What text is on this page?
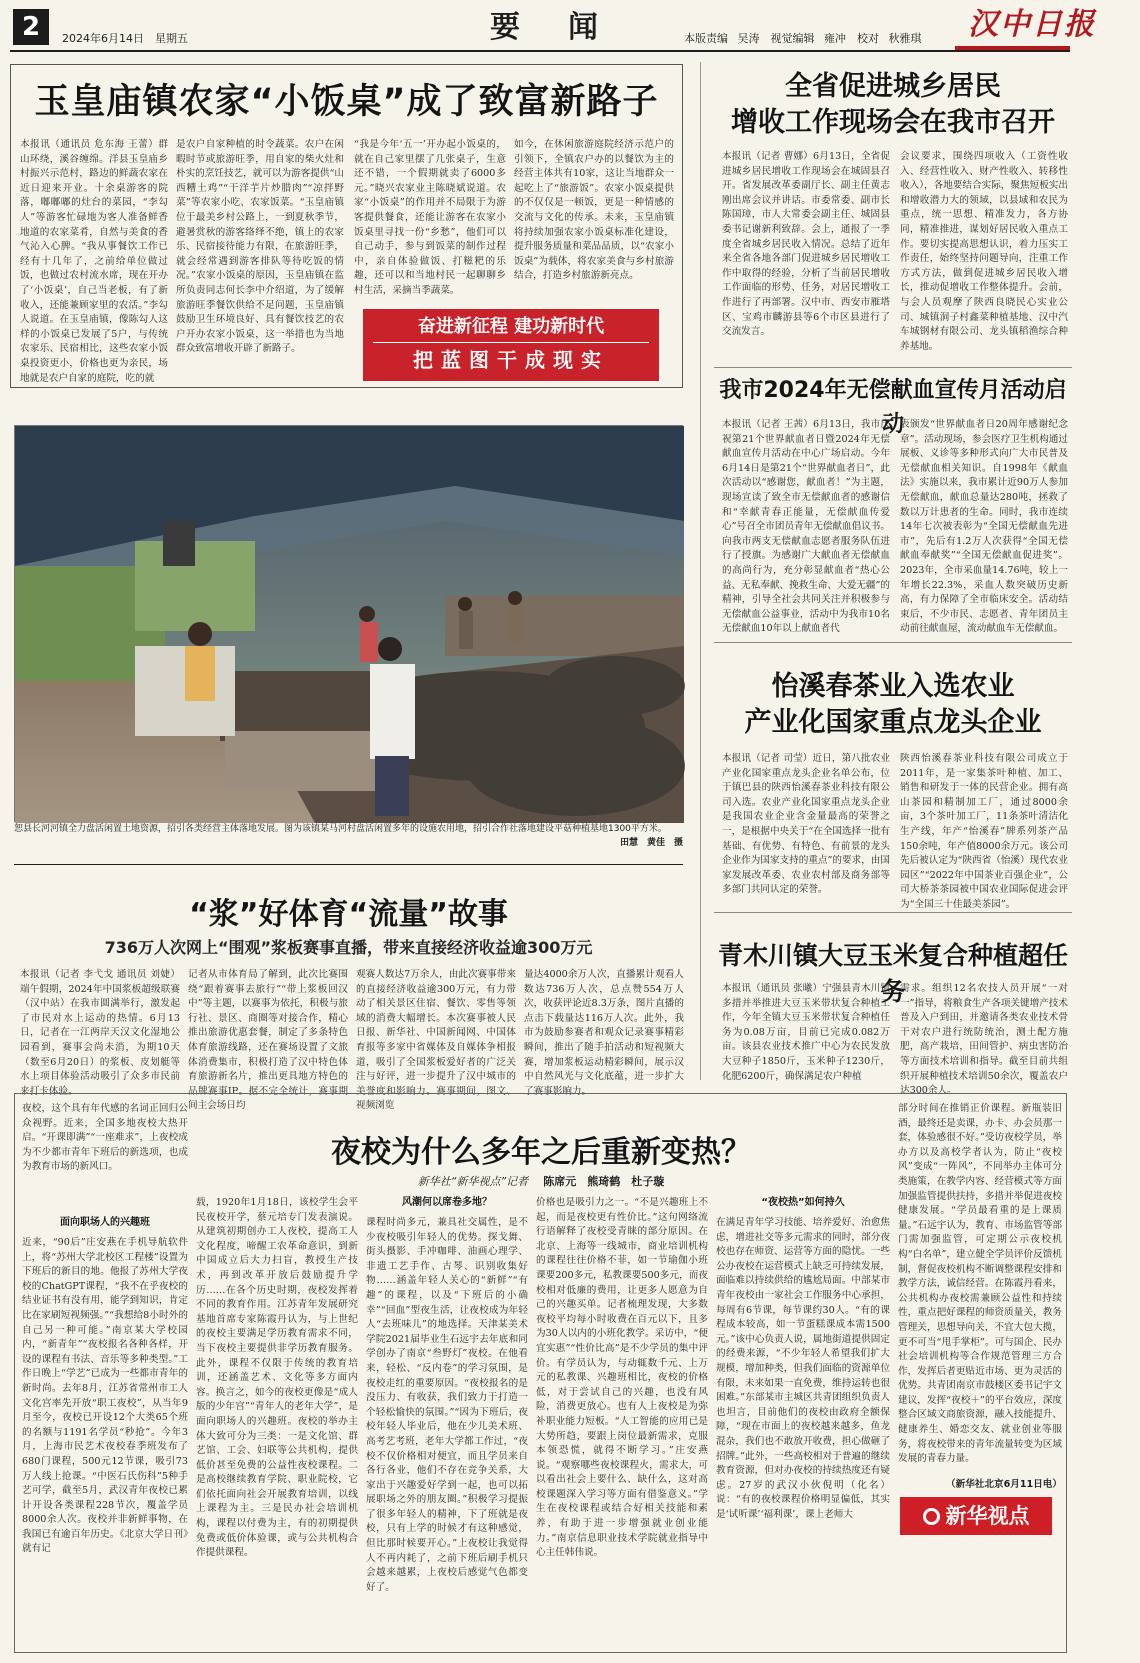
2	2024年6月14日　星期五	要闻	本版责编 吴涛　视觉编辑 雍冲　校对 秋雅琪 汉中日报
玉皇庙镇农家“小饭桌”成了致富新路子
本报讯（通讯员 危东海 王蕾）群山环绕，溪谷缠绵。洋县玉皇庙乡村振兴示范村，路边的鲜蔬农家在近日迎来开业。十余桌游客的院落，嘟嘟嘟的灶台的菜园，“李勾人”等游客忙碌地为客人准备鲜香地道的农家菜肴，自然与美食的香气沁入心脾。“我从事餐饮工作已经有十几年了，之前给单位做过饭，也做过农村流水席，现在开办了‘小饭桌’，自己当老板，有了新收入，还能兼顾家里的农活。”李勾人说道。在玉皇庙镇，像陈勾人这样的小饭桌已发展了5户，与传统农家乐、民宿相比，这些农家小饭桌投资更小，价格也更为亲民，场地就是农户自家的庭院，吃的就
是农户自家种植的时令蔬菜。农户在闲暇时节或旅游旺季，用自家的柴火灶和朴实的烹饪技艺，就可以为游客提供“山西糟土鸡”“干洋芋片炒腊肉”“凉拌野菜”等农家小吃、农家饭菜。“玉皇庙镇位于最美乡村公路上，一到夏秋季节，避暑赏秋的游客络绎不绝，镇上的农家乐、民宿接待能力有限，在旅游旺季，就会经常遇到游客排队等待吃饭的情况。”农家小饭桌的原因，玉皇庙镇在监所负责同志何长李中介绍道，为了缓解旅游旺季餐饮供给不足问题，玉皇庙镇鼓励卫生环境良好、具有餐饮技艺的农户开办农家小饭桌，这一举措也为当地群众致富增收开辟了新路子。
“我是今年‘五一’开办起小饭桌的，就在自己家里摆了几张桌子，生意还不错，一个假期就卖了6000多元。”晓兴农家业主陈晓斌说道。农家“小饭桌”的作用并不局限于为游客提供餐食，还能让游客在农家小饭桌里寻找一份“乡愁”，他们可以自己动手，参与到饭菜的制作过程中，亲自体验做饭、打糍粑的乐趣，还可以和当地村民一起聊聊乡村生活，采摘当季蔬菜。
如今，在休闲旅游庭院经济示范户的引领下，全镇农户办的以餐饮为主的经营主体共有10家，这让当地群众一起吃上了“旅游饭”。农家小饭桌提供的不仅仅是一顿饭，更是一种情感的交流与文化的传承。未来，玉皇庙镇将持续加强农家小饭桌标准化建设，提升服务质量和菜品品质，以“农家小饭桌”为载体，将农家美食与乡村旅游结合，打造乡村旅游新亮点。
奋进新征程 建功新时代
把蓝图干成现实
恕县长河河镇全力盘活闲置土地资源，招引各类经营主体落地发展。图为该镇某马河村盘活闲置多年的设施农用地，招引合作社落地建设平菇种植基地1300平方米。
田慧　黄佳　摄
“浆”好体育“流量”故事
736万人次网上“围观”浆板赛事直播，带来直接经济收益逾300万元
本报讯（记者 李弋戈 通讯员 刘婕）端午假期，2024年中国浆板超级联赛（汉中站）在我市圆满举行，激发起了市民对水上运动的热情。6月13日，记者在一江两岸天汉文化湿地公园看到，赛事会尚未消，为期10天（数至6月20日）的浆板、皮划艇等水上项目体验活动吸引了众多市民前来打卡体验。
记者从市体育局了解到，此次比赛围绕“跟着赛事去旅行”“带上浆板回汉中”等主题，以赛事为依托，积极与旅行社、景区、商圈等对接合作，精心推出旅游优惠套餐，制定了多条特色体育旅游线路，还在赛场设置了文旅体消费集市，积极打造了汉中特色体育旅游新名片，推出更具地方特色的品牌赛事IP。据不完全统计，赛事期间主会场日均
观赛人数达7万余人，由此次赛事带来的直接经济收益逾300万元，有力带动了相关景区住宿、餐饮、零售等领域的消费大幅增长。本次赛事被人民日报、新华社、中国新闻网、中国体育报等多家中省媒体及自媒体争相报道，吸引了全国浆板爱好者的广泛关注与好评，进一步提升了汉中城市的美誉度和影响力。赛事期间，图文、视频浏览
量达4000余万人次，直播累计观看人数达736万人次，总点赞554万人次，收获评论近8.3万条，图片直播的点击下载量达116万人次。此外，我市为鼓励参赛者和观众记录赛事精彩瞬间，推出了随手拍活动和短视频大赛，增加浆板运动精彩瞬间，展示汉中自然风光与文化底蕴，进一步扩大了赛事影响力。
全省促进城乡居民
增收工作现场会在我市召开
本报讯（记者 曹娜）6月13日，全省促进城乡居民增收工作现场会在城固县召开。省发展改革委副厅长、副主任黄志刚出席会议并讲话。市委常委、副市长陈国璋，市人大常委会副主任、城固县委书记谢新利致辞。会上，通报了一季度全省城乡居民收入情况。总结了近年来全省各地各部门促进城乡居民增收工作中取得的经验，分析了当前居民增收工作面临的形势、任务，对居民增收工作进行了再部署。汉中市、西安市雁塔区、宝鸡市麟游县等6个市区县进行了交流发言。
会议要求，围绕四项收入（工资性收入、经营性收入、财产性收入、转移性收入），各地要结合实际，聚焦短板实出和增收潜力大的领域，以县域和农民为重点，统一思想、精准发力，各方协同，精准推进，谋划好居民收入重点工作。要切实提高思想认识，着力压实工作责任，始终坚持问题导向，注重工作方式方法，做到促进城乡居民收入增长，推动促增收工作整体提升。会前，与会人员观摩了陕西良晓民心实业公司、城镇洞子村鑫菜种植基地、汉中汽车城钢材有限公司、龙头镇稻渔综合种养基地。
我市2024年无偿献血宣传月活动启动
本报讯（记者 王茜）6月13日，我市庆祝第21个世界献血者日暨2024年无偿献血宣传月活动在中心广场启动。今年6月14日是第21个“世界献血者日”，此次活动以“感谢您，献血者！”为主题，现场宣读了致全市无偿献血者的感谢信和“幸献青春正能量，无偿献血传爱心”号召全市团员青年无偿献血倡议书。向我市两支无偿献血志愿者服务队伍进行了授旗。为感谢广大献血者无偿献血的高尚行为，充分彰显献血者“热心公益、无私奉献、挽救生命、大爱无疆”的精神，引导全社会共同关注并积极参与无偿献血公益事业，活动中为我市10名无偿献血10年以上献血者代
表颁发“世界献血者日20周年感谢纪念章”。活动现场，参会医疗卫生机构通过展板、义诊等多种形式向广大市民普及无偿献血相关知识。自1998年《献血法》实施以来，我市累计近90万人参加无偿献血，献血总量达280吨，拯救了数以万计患者的生命。同时，我市连续14年七次被表彰为“全国无偿献血先进市”，先后有1.2万人次获得“全国无偿献血奉献奖”“全国无偿献血促进奖”。2023年，全市采血量14.76吨，较上一年增长22.3%，采血人数突破历史新高，有力保障了全市临床安全。活动结束后，不少市民、志愿者、青年团员主动前往献血屋，流动献血车无偿献血。
怡溪春茶业入选农业
产业化国家重点龙头企业
本报讯（记者 司莹）近日，第八批农业产业化国家重点龙头企业名单公布，位于镇巴县的陕西怡溪春茶业科技有限公司入选。农业产业化国家重点龙头企业是我国农业企业含金量最高的荣誉之一，是根据中央关于“在全国选择一批有基础、有优势、有特色、有前景的龙头企业作为国家支持的重点”的要求，由国家发展改革委、农业农村部及商务部等多部门共同认定的荣誉。
陕西怡溪春茶业科技有限公司成立于2011年，是一家集茶叶种植、加工、销售和研发于一体的民营企业。拥有高山茶园和精制加工厂，通过8000余亩，3个茶叶加工厂，11条茶叶清洁化生产线，年产“怡溪春”牌系列茶产品150余吨，年产值8000余万元。该公司先后被认定为“陕西省（怡溪）现代农业园区”“2022年中国茶业百强企业”，公司大桥茶茶园被中国农业国际促进会评为“全国三十佳最美茶园”。
青木川镇大豆玉米复合种植超任务
本报讯（通讯员 张曦）宁强县青木川镇多措并举推进大豆玉米带状复合种植工作，今年全镇大豆玉米带状复合种植任务为0.08万亩，目前已完成0.082万亩。该县农业技术推广中心为农民发放大豆种子1850斤，玉米种子1230斤，化肥6200斤，确保满足农户种植
需求。组织12名农技人员开展“一对一”指导，将粮食生产各项关键增产技术普及入户到田，并邀请各类农业技术骨干对农户进行统防统治，测土配方施肥，高产栽培，田间管护、病虫害防治等方面技术培训和指导。截至目前共组织开展种植技术培训50余次，覆盖农户达300余人。
夜校为什么多年之后重新变热？
新华社“新华视点”记者 陈席元　熊琦鹤　杜子璇
夜校，这个具有年代感的名词正回归公众视野。近来，全国多地夜校大热开启。“开课即满”“一座难求”，上夜校成为不少都市青年下班后的新选项，也成为教育市场的新风口。
面向职场人的兴趣班
近来，“90后”庄安燕在手机导航软件上，将“苏州大学北校区工程楼”设置为下班后的新目的地。他报了苏州大学夜校的ChatGPT课程，“我不在乎夜校的结业证书有没有用，能学到知识，肯定比在家刷短视频强。”“我想给8小时外的自己另一种可能。”南京某大学校园内，“新青年”“夜校报名各种各样，开设的课程有书法、音乐等多种类型。”工作日晚上“学艺”已成为一些都市青年的新时尚。去年8月，江苏省常州市工人文化宫率先开放“职工夜校”，从当年9月至今，夜校已开设12个大类65个班的名额与1191名学员“秒抢”。今年3月，上海市民艺术夜校春季班发布了680门课程，500元12节课，吸引73万人线上抢课。“中医石氏伤科”5种手艺可学，截至5月，武汉青年夜校已累计开设各类课程228节次，覆盖学员8000余人次。夜校并非新鲜事物，在我国已有逾百年历史。《北京大学日刊》就有记
载，1920年1月18日，该校学生会平民夜校开学，蔡元培专门发表演说。从建筑初期创办工人夜校，提高工人文化程度，啼醒工农革命意识，到新中国成立后大力扫盲，教授生产技术，再到改革开放后鼓励提升学历……在各个历史时期，夜校发挥着不同的教育作用。江苏青年发展研究基地首席专家陈霞丹认为，与上世纪的夜校主要满足学历教育需求不同，当下夜校主要提供非学历教育服务。此外，课程不仅限于传统的教育培训，还涵盖艺术、文化等多方面内容。换言之，如今的夜校更像是“成人版的少年宫”“青年人的老年大学”，是面向职场人的兴趣班。夜校的举办主体大致可分为三类：一是文化馆、群艺馆、工会、妇联等公共机构，提供低价甚至免费的公益性夜校课程。二是高校继续教育学院、职业院校，它们依托面向社会开展教育培训，以线上课程为主。三是民办社会培训机构，课程以付费为主，有的初期提供免费或低价体验课，或与公共机构合作提供课程。
风潮何以席卷多地？
课程时尚多元，兼具社交属性，是不少夜校吸引年轻人的优势。探戈舞、街头摄影、手冲咖啡、油画心理学、非遗工艺手作、古琴、识别收集好物……涵盖年轻人关心的“新鲜”“有趣”的课程，以及“下班后的小确幸”“回血”型夜生活，让夜校成为年轻人“去班味儿”的地选择。天津某美术学院2021届毕业生石远宇去年底和同学创办了南京“叁野灯”夜校。在他看来，轻松、“反内卷”的学习氛围，是夜校走红的重要原因。“夜校报名的是没压力、有收获，我们致力于打造一个轻松愉快的氛围。”“因为下班后，夜校年轻人毕业后，他在少儿美术班、高考艺考班，老年大学都工作过，“夜校不仅价格相对便宜，而且学员来自各行各业，他们不存在竞争关系，大家出于兴趣爱好学到一起，也可以拓展职场之外的朋友圈。”积极学习提振了很多年轻人的精神，下了班就是夜校，只有上学的时候才有这种感觉，但比那时候要开心。”上夜校让我觉得人不再内耗了，之前下班后刷手机只会越来越累，上夜校后感觉气色都变好了。
价格也是吸引力之一。“不是兴趣班上不起，而是夜校更有性价比。”这句网络流行语解释了夜校受青睐的部分原因。在北京、上海等一线城市，商业培训机构的课程往往价格不菲，如一节瑜伽小班课要200多元，私教课要500多元，而夜校相对低廉的费用，让更多人愿意为自己的兴趣买单。记者梳理发现，大多数夜校平均每小时收费在百元以下，且多为30人以内的小班化教学。采访中，“便宜实惠”“性价比高”是不少学员的集中评价。有学员认为，与动辄数千元、上万元的私教课、兴趣班相比，夜校的价格低，对于尝试自己的兴趣，也没有风险，消费更放心。也有人上夜校是为弥补职业能力短板。“人工智能的应用已是大势所趋，要跟上岗位最新需求，克服本领恐慌，就得不断学习。”庄安燕说。“观察哪些夜校课程火，需求大，可以看出社会上要什么、缺什么，这对高校课题深入学习等方面有借鉴意义。”学生在夜校课程或结合好相关技能和素养，有助于进一步增强就业创业能力。”南京信息职业技术学院就业指导中心主任韩伟说。
“夜校热”如何持久
在满足青年学习技能、培养爱好、治愈焦虑，增进社交等多元需求的同时，部分夜校也存在师资、运营等方面的隐忧。一些公办夜校在运营模式上缺乏可持续发展，面临难以持续供给的尴尬局面。中部某市青年夜校由一家社会工作服务中心承担，每周有6节课，每节课约30人。“有的课程成本较高，如一节蛋糕课成本需1500元。”该中心负责人说，属地街道提供固定的经费来源，“不少年轻人希望我们扩大规模，增加种类，但我们面临的资源单位有限，未来如果一直免费，维持运转也很困难。”东部某市主城区共青团组织负责人也坦言，目前他们的夜校由政府全额保障，“现在市面上的夜校越来越多，鱼龙混杂，我们也不敢放开收费，担心做砸了招牌。”此外，一些高校相对于普遍的继续教育资源，但对办夜校的持续热度还有疑虑。27岁的武汉小伙倪明（化名）说：“有的夜校课程价格明显偏低，其实是‘试听课’‘福利课’，课上老师大
部分时间在推销正价课程。新瓶装旧酒，最终还是卖课，办卡、办会员那一套，体验感很不好。”受访夜校学员，举办方以及高校学者认为，防止“夜校风”变成“一阵风”，不同举办主体可分类施策，在教学内容、经营模式等方面加强监管提供扶持，多措并举促进夜校健康发展。“学员最看重的是上课质量。”石远宇认为，教育、市场监管等部门需加强监管，可定期公示夜校机构“白名单”，建立健全学员评价反馈机制，督促夜校机构不断调整课程安排和教学方法，诚信经营。在陈霞丹看来，公共机构办夜校需兼顾公益性和持续性，重点把好课程的师资质量关，教务管理关，思想导向关，不宜大包大揽，更不可当“甩手掌柜”。可与国企、民办社会培训机构等合作规范管理三方合作，发挥后者更贴近市场、更为灵活的优势。共青团南京市鼓楼区委书记宇文建议，发挥“夜校＋”的平台效应，深度整合区域文商旅资源，融入技能提升、健康养生、婚恋交友、就业创业等服务，将夜校带来的青年流量转变为区域发展的青春力量。
（新华社北京6月11日电）
新华视点
